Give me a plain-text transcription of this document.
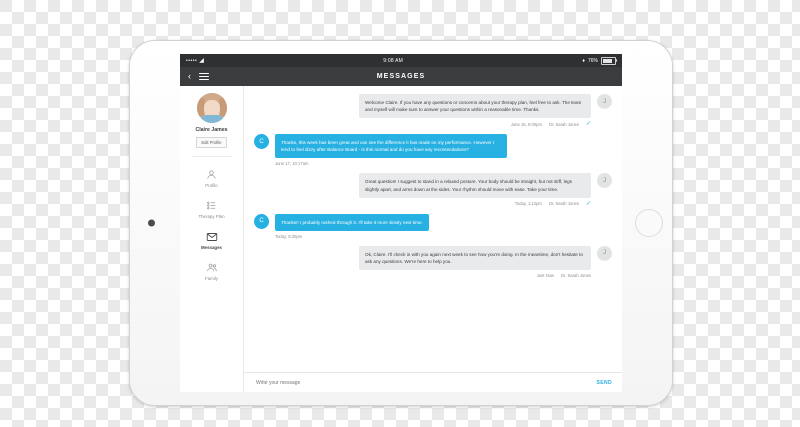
••••• ◢	9:08 AM	♦ 76%
‹	MESSAGES
Claire James
Edit Profile
Profile
Therapy Plan
Messages
Family
Welcome Claire. If you have any questions or concerns about your therapy plan, feel free to ask. The team and myself will make sure to answer your questions within a reasonable time. Thanks.
J
June 15, 6:00pm Dr. Sarah Jones ✓
C	Thanks, this week has been great and can see the difference it has made on my performance. However I tend to feel dizzy after Balance Board - is this normal and do you have any recomendations?
June 17, 10:17am
Great question! I suggest to stand in a relaxed posture. Your body should be straight, but not stiff, legs slightly apart, and arms down at the sides. Your rhythm should move with ease. Take your time.
J
Today, 1:12pm Dr. Sarah Jones ✓
C	Thanks!! I probably rushed through it. I'll take it more slowly next time.
Today, 5:30pm
Ok, Claire. I'll check in with you again next week to see how you're doing. In the meantime, don't hesitate to ask any questions. We're here to help you.
J
Just Now Dr. Sarah Jones
Write your message
SEND
